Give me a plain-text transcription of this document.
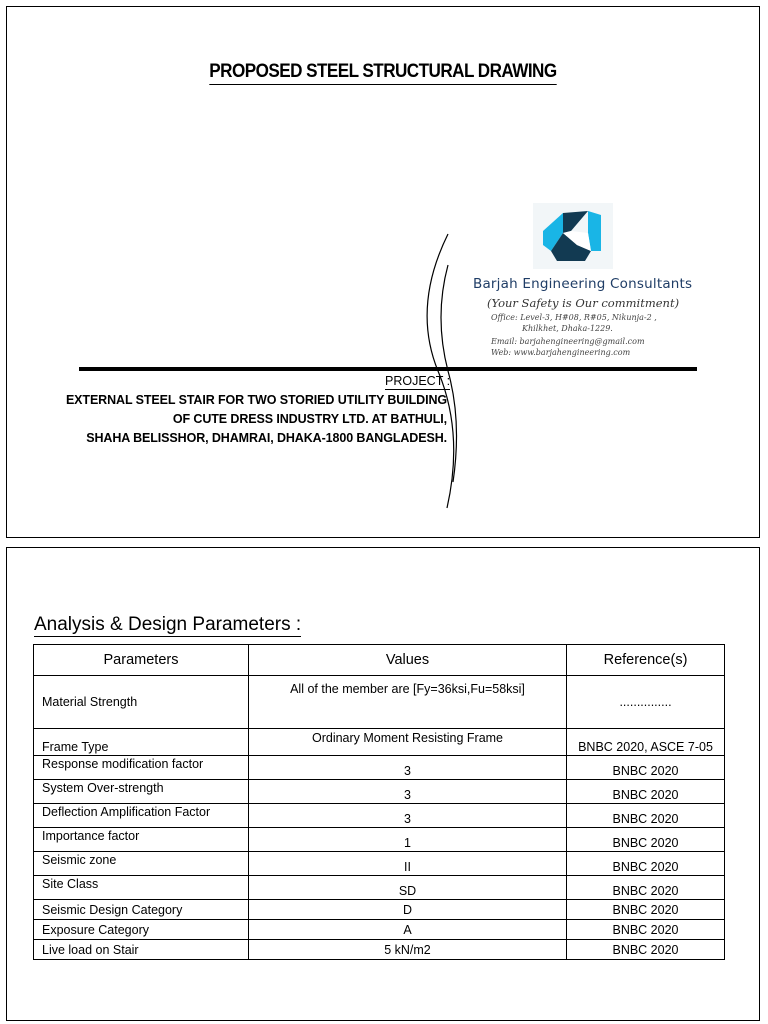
PROPOSED STEEL STRUCTURAL DRAWING
Barjah Engineering Consultants
(Your Safety is Our commitment)
Office: Level-3, H#08, R#05, Nikunja-2 ,
Khilkhet, Dhaka-1229.
Email: barjahengineering@gmail.com
Web: www.barjahengineering.com
PROJECT :
EXTERNAL STEEL STAIR FOR TWO STORIED UTILITY BUILDING
OF CUTE DRESS INDUSTRY LTD. AT BATHULI,
SHAHA BELISSHOR, DHAMRAI, DHAKA-1800 BANGLADESH.
Analysis & Design Parameters :
Parameters	Values	Reference(s)
Material Strength	All of the member are [Fy=36ksi,Fu=58ksi]	...............
Frame Type	Ordinary Moment Resisting Frame	BNBC 2020, ASCE 7-05
Response modification factor	3	BNBC 2020
System Over-strength	3	BNBC 2020
Deflection Amplification Factor	3	BNBC 2020
Importance factor	1	BNBC 2020
Seismic zone	II	BNBC 2020
Site Class	SD	BNBC 2020
Seismic Design Category	D	BNBC 2020
Exposure Category	A	BNBC 2020
Live load on Stair	5 kN/m2	BNBC 2020
